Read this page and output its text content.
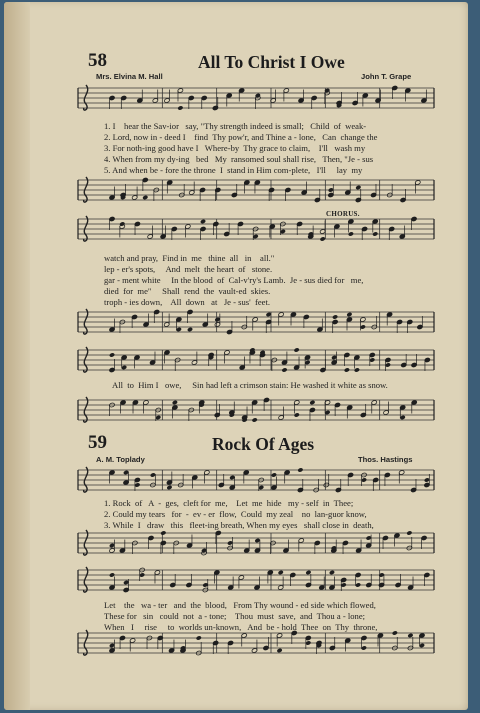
58	All To Christ I Owe
Mrs. Elvina M. Hall	John T. Grape
1. I    hear the Sav-ior   say, "Thy strength indeed is small;   Child  of  weak-
2. Lord, now in - deed I    find  Thy pow'r, and Thine a - lone,   Can  change the
3. For noth-ing good have I   Where-by  Thy grace to claim,    I'll   wash my
4. When from my dy-ing   bed   My  ransomed soul shall rise,   Then, "Je - sus
5. And when be - fore the throne  I  stand in Him com-plete,   I'll     lay  my
CHORUS.
watch and pray,  Find in  me   thine  all   in    all."
lep - er's spots,     And  melt  the heart  of   stone.
gar - ment white     In the blood  of  Cal-v'ry's Lamb.  Je - sus died for   me,
died  for  me"     Shall  rend  the  vault-ed  skies.
troph - ies down,    All  down   at   Je - sus'  feet.
All  to  Him I   owe,     Sin had left a crimson stain: He washed it white as snow.
59	Rock Of Ages
A. M. Toplady	Thos. Hastings
1. Rock  of   A  -  ges,  cleft for  me,    Let  me  hide   my - self  in  Thee;
2. Could my tears   for  -  ev - er  flow,  Could  my zeal    no  lan-guor know,
3. While  I   draw   this   fleet-ing breath, When my eyes   shall close in  death,
Let    the   wa - ter   and  the  blood,   From Thy wound - ed side which flowed,
These for   sin   could  not  a - tone;    Thou  must  save,  and  Thou a - lone;
When   I     rise     to  worlds un-known,   And  be - hold  Thee  on  Thy  throne,
